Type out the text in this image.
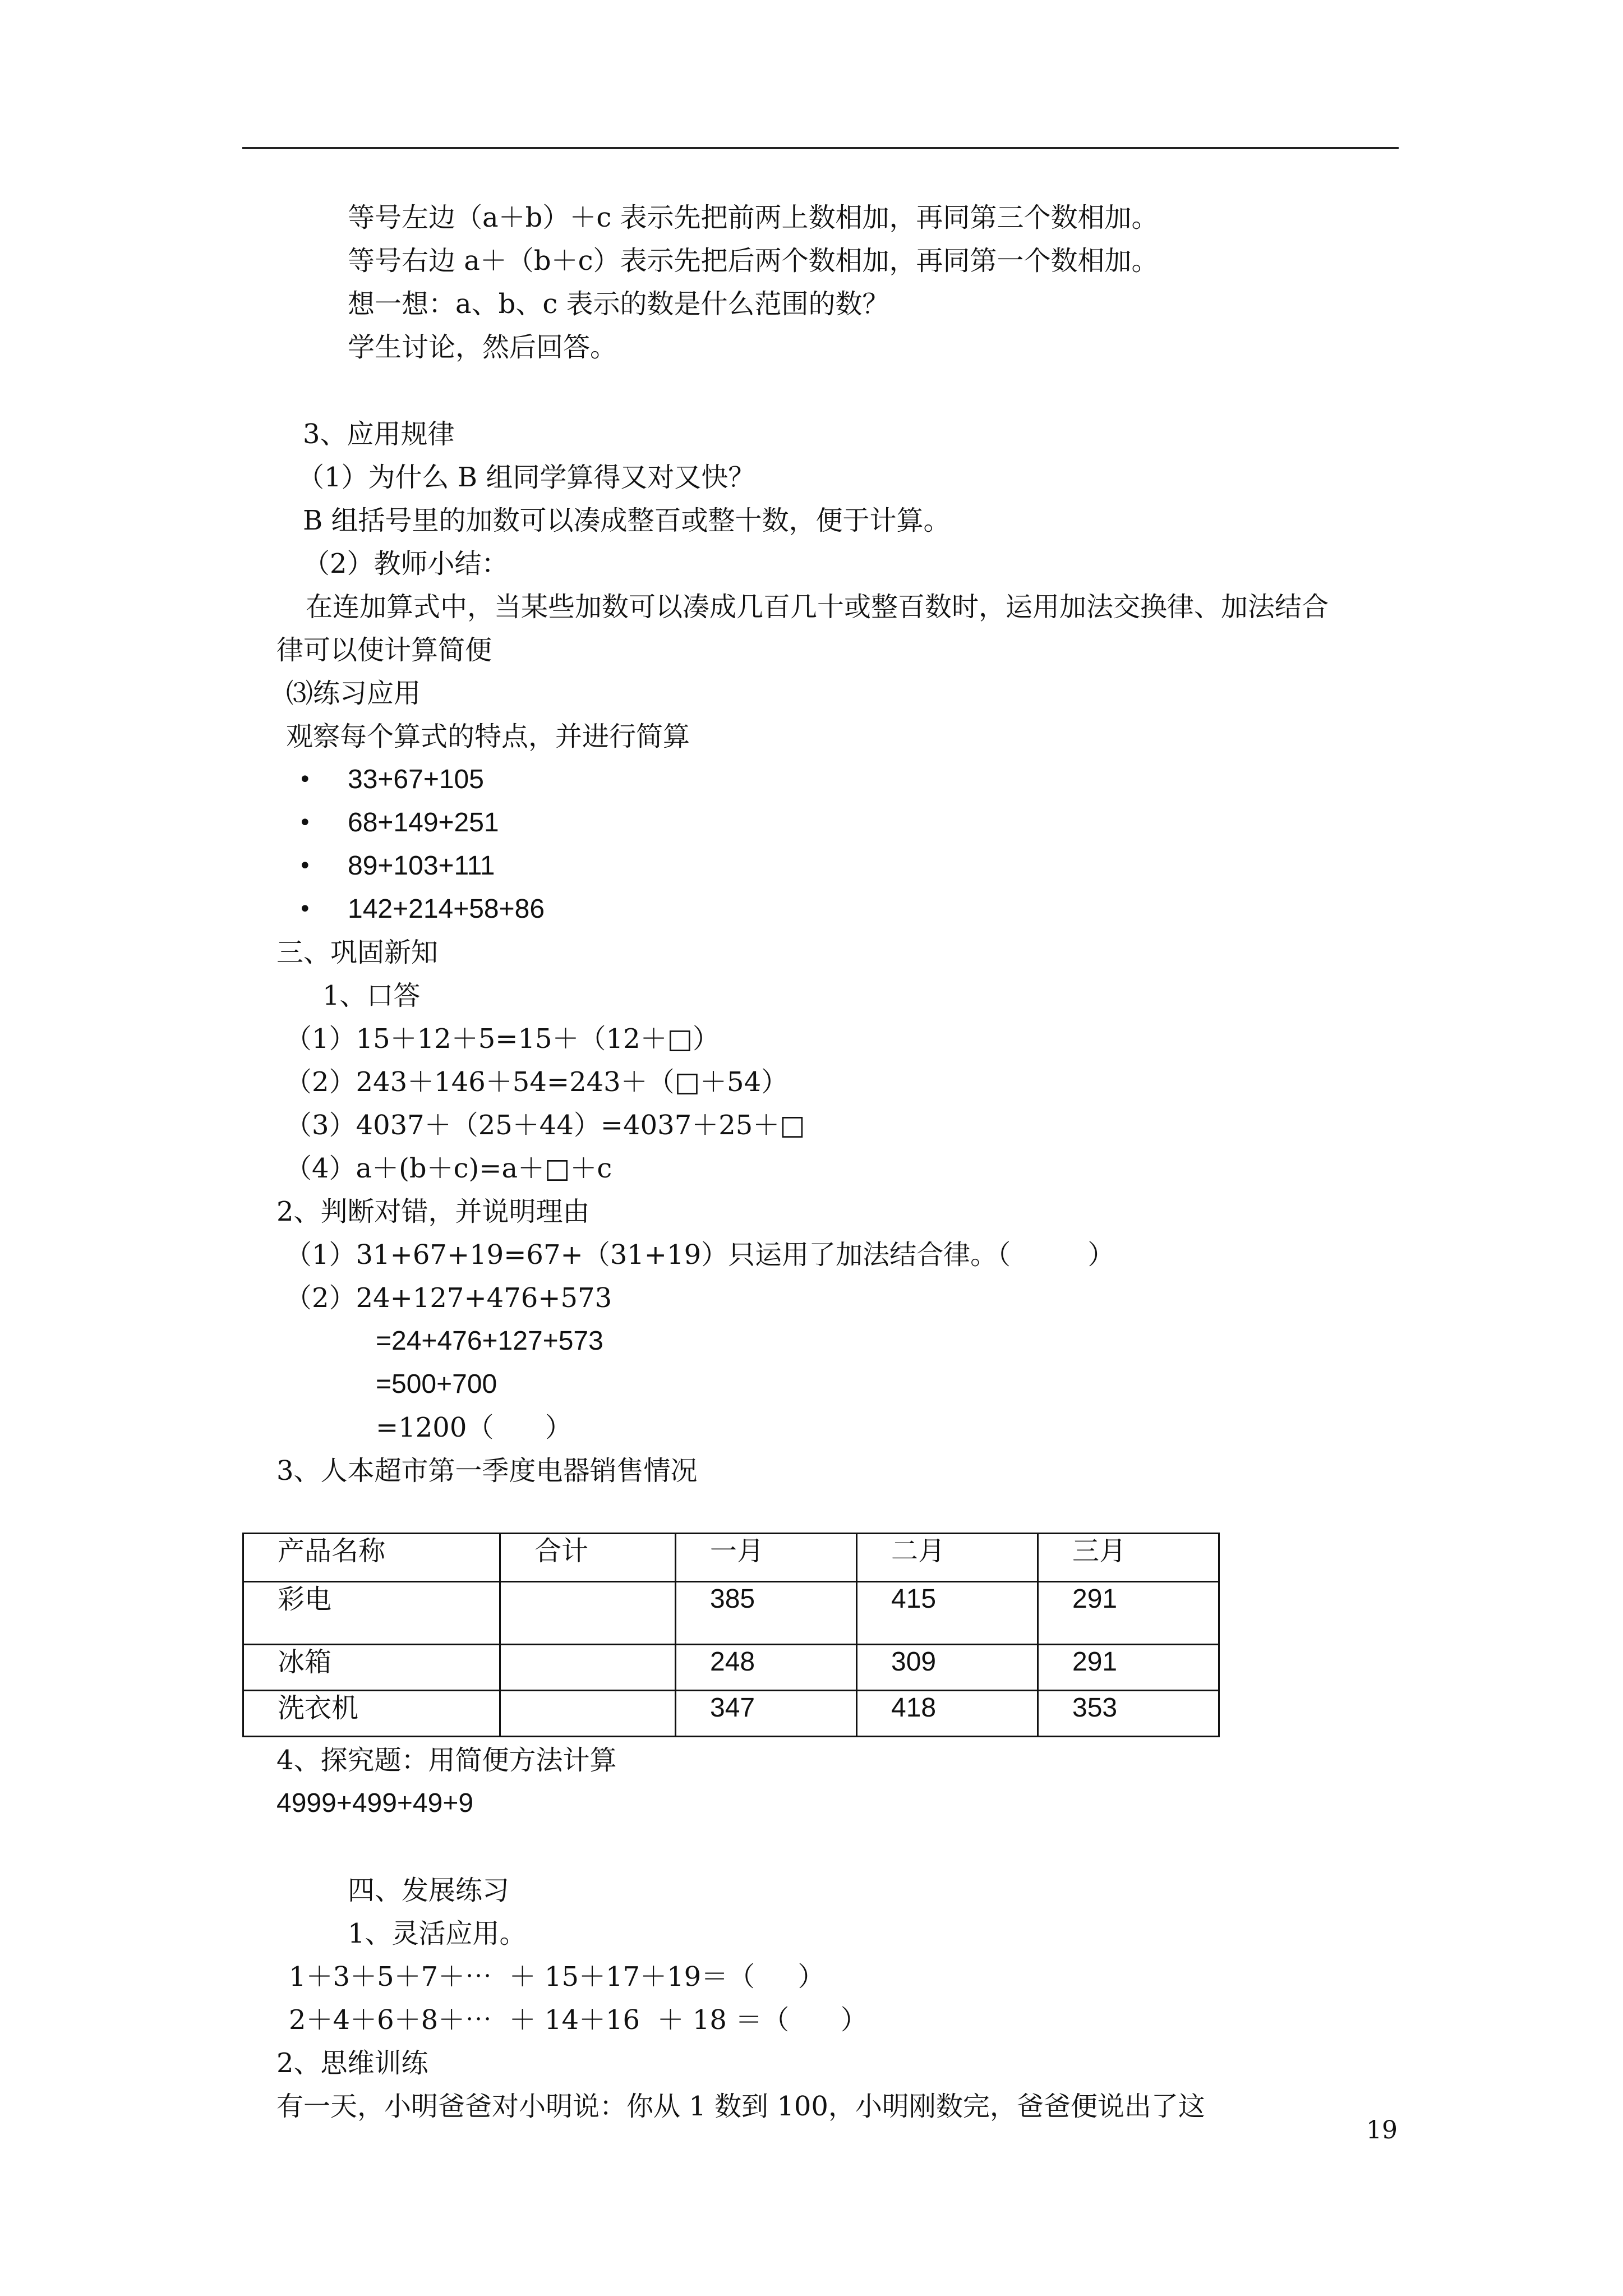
等号左边（a＋b）＋c 表示先把前两上数相加，再同第三个数相加。
等号右边 a＋（b＋c）表示先把后两个数相加，再同第一个数相加。
想一想：a、b、c 表示的数是什么范围的数？
学生讨论，然后回答。
3、应用规律
（1）为什么 B 组同学算得又对又快？
B 组括号里的加数可以凑成整百或整十数，便于计算。
（2）教师小结：
在连加算式中，当某些加数可以凑成几百几十或整百数时，运用加法交换律、加法结合
律可以使计算简便
⑶练习应用
观察每个算式的特点，并进行简算
• 33+67+105
• 68+149+251
• 89+103+111
• 142+214+58+86
三、巩固新知
1、口答
（1）15＋12＋5=15＋（12＋□）
（2）243＋146＋54=243＋（□＋54）
（3）4037＋（25＋44）=4037＋25＋□
（4）a＋(b＋c)=a＋□＋c
2、判断对错，并说明理由
（1）31+67+19=67+（31+19）只运用了加法结合律。（         ）
（2）24+127+476+573
=24+476+127+573
=500+700
=1200（      ）
3、人本超市第一季度电器销售情况
产品名称	合计	一月	二月	三月
彩电		385	415	291
冰箱		248	309	291
洗衣机		347	418	353
4、探究题：用简便方法计算
4999+499+49+9
四、发展练习
1、灵活应用。
1＋3＋5＋7＋⋯  ＋ 15＋17＋19＝（     ）
2＋4＋6＋8＋⋯  ＋ 14＋16  ＋ 18 ＝（      ）
2、思维训练
有一天，小明爸爸对小明说：你从 1 数到 100，小明刚数完，爸爸便说出了这
19
